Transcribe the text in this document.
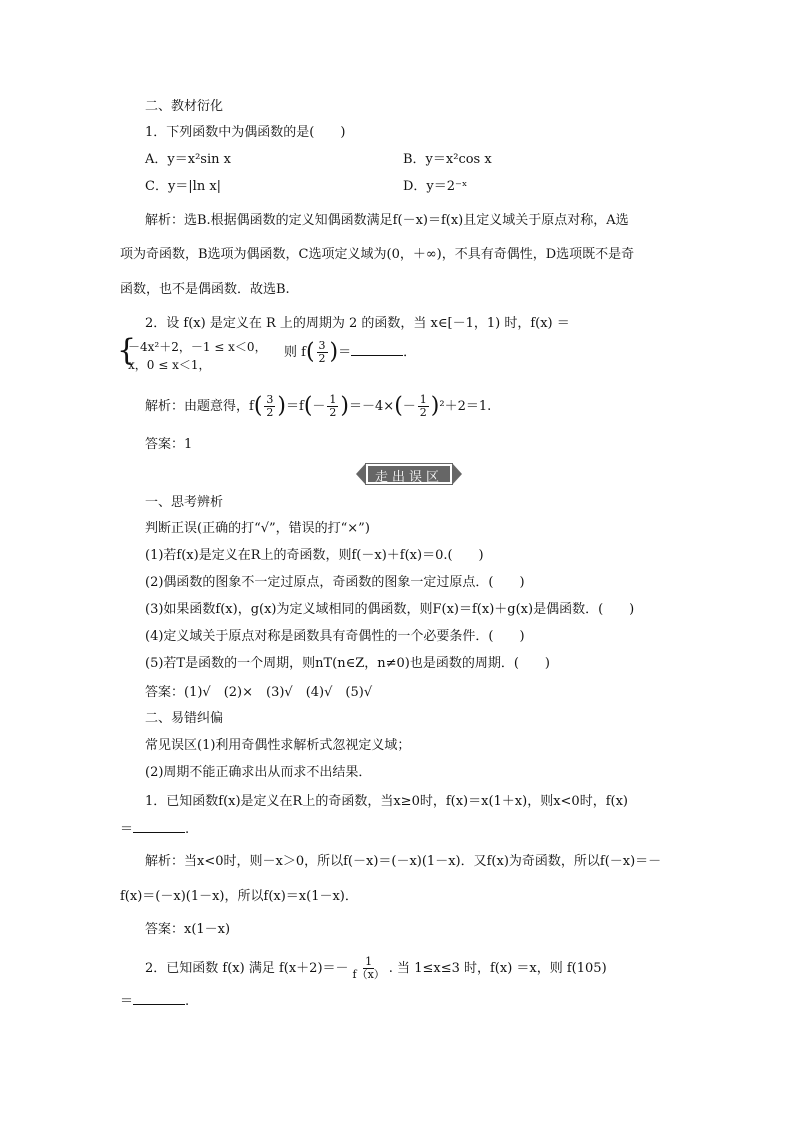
二、教材衍化
1．下列函数中为偶函数的是(　　)
A．y＝x²sin x	B．y＝x²cos x
C．y＝|ln x|	D．y＝2⁻ˣ
解析：选B.根据偶函数的定义知偶函数满足f(－x)＝f(x)且定义域关于原点对称，A选
项为奇函数，B选项为偶函数，C选项定义域为(0，＋∞)，不具有奇偶性，D选项既不是奇
函数，也不是偶函数．故选B.
2．设 f(x) 是定义在 R 上的周期为 2 的函数，当 x∈[－1，1) 时，f(x) ＝
{
－4x²＋2，－1 ≤ x＜0，
x，0 ≤ x＜1，
则 $f( \frac{3}{2}$ )＝	．
解析：由题意得，$f( \frac{3}{2} )=f(- \frac{1}{2} )=-4\times(- \frac{1}{2} )^2+2=1$.
答案：1
走出误区
一、思考辨析
判断正误(正确的打“√”，错误的打“×”)
(1)若f(x)是定义在R上的奇函数，则f(－x)＋f(x)＝0.(　　)
(2)偶函数的图象不一定过原点，奇函数的图象一定过原点．(　　)
(3)如果函数f(x)，g(x)为定义域相同的偶函数，则F(x)＝f(x)＋g(x)是偶函数．(　　)
(4)定义域关于原点对称是函数具有奇偶性的一个必要条件．(　　)
(5)若T是函数的一个周期，则nT(n∈Z，n≠0)也是函数的周期．(　　)
答案：(1)√　(2)×　(3)√　(4)√　(5)√
二、易错纠偏
常见误区(1)利用奇偶性求解析式忽视定义域；
(2)周期不能正确求出从而求不出结果．
1．已知函数f(x)是定义在R上的奇函数，当x≥0时，f(x)＝x(1＋x)，则x<0时，f(x)
＝	.
解析：当x<0时，则－x＞0，所以f(－x)＝(－x)(1－x)．又f(x)为奇函数，所以f(－x)＝－
f(x)＝(－x)(1－x)，所以f(x)＝x(1－x)．
答案：x(1－x)
2．已知函数 f(x) 满足 $f(x+2)=- \frac{1}{f(x)}$ . 当 1≤x≤3 时，f(x) ＝x，则 f(105)
＝	.
